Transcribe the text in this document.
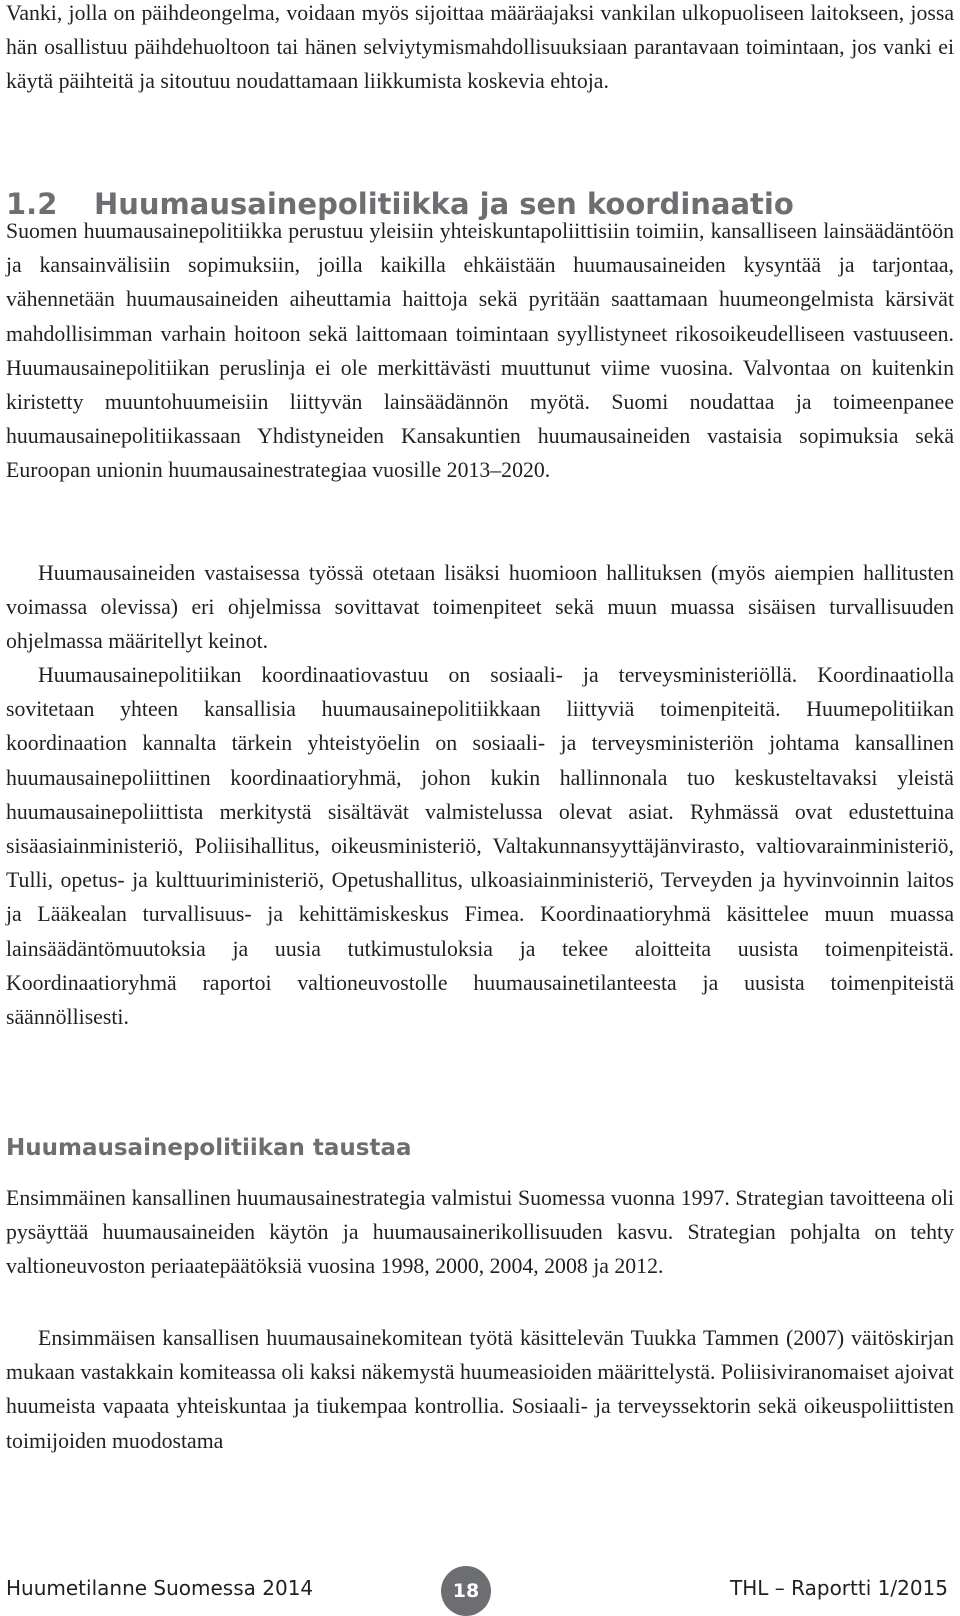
Vanki, jolla on päihdeongelma, voidaan myös sijoittaa määräajaksi vankilan ulkopuoliseen laitokseen, jossa hän osallistuu päihdehuoltoon tai hänen selviytymismahdollisuuksiaan parantavaan toimintaan, jos vanki ei käytä päihteitä ja sitoutuu noudattamaan liikkumista koskevia ehtoja.

1.2 Huumausainepolitiikka ja sen koordinaatio

Suomen huumausainepolitiikka perustuu yleisiin yhteiskuntapoliittisiin toimiin, kansalliseen lainsäädäntöön ja kansainvälisiin sopimuksiin, joilla kaikilla ehkäistään huumausaineiden kysyntää ja tarjontaa, vähennetään huumausaineiden aiheuttamia haittoja sekä pyritään saattamaan huumeongelmista kärsivät mahdollisimman varhain hoitoon sekä laittomaan toimintaan syyllistyneet rikosoikeudelliseen vastuuseen. Huumausainepolitiikan peruslinja ei ole merkittävästi muuttunut viime vuosina. Valvontaa on kuitenkin kiristetty muuntohuumeisiin liittyvän lainsäädännön myötä. Suomi noudattaa ja toimeenpanee huumausainepolitiikassaan Yhdistyneiden Kansakuntien huumausaineiden vastaisia sopimuksia sekä Euroopan unionin huumausainestrategiaa vuosille 2013–2020.

Huumausaineiden vastaisessa työssä otetaan lisäksi huomioon hallituksen (myös aiempien hallitusten voimassa olevissa) eri ohjelmissa sovittavat toimenpiteet sekä muun muassa sisäisen turvallisuuden ohjelmassa määritellyt keinot.

Huumausainepolitiikan koordinaatiovastuu on sosiaali- ja terveysministeriöllä. Koordinaatiolla sovitetaan yhteen kansallisia huumausainepolitiikkaan liittyviä toimenpiteitä. Huumepolitiikan koordinaation kannalta tärkein yhteistyöelin on sosiaali- ja terveysministeriön johtama kansallinen huumausainepoliittinen koordinaatioryhmä, johon kukin hallinnonala tuo keskusteltavaksi yleistä huumausainepoliittista merkitystä sisältävät valmistelussa olevat asiat. Ryhmässä ovat edustettuina sisäasiainministeriö, Poliisihallitus, oikeusministeriö, Valtakunnansyyttäjänvirasto, valtiovarainministeriö, Tulli, opetus- ja kulttuuriministeriö, Opetushallitus, ulkoasiainministeriö, Terveyden ja hyvinvoinnin laitos ja Lääkealan turvallisuus- ja kehittämiskeskus Fimea. Koordinaatioryhmä käsittelee muun muassa lainsäädäntömuutoksia ja uusia tutkimustuloksia ja tekee aloitteita uusista toimenpiteistä. Koordinaatioryhmä raportoi valtioneuvostolle huumausainetilanteesta ja uusista toimenpiteistä säännöllisesti.

Huumausainepolitiikan taustaa

Ensimmäinen kansallinen huumausainestrategia valmistui Suomessa vuonna 1997. Strategian tavoitteena oli pysäyttää huumausaineiden käytön ja huumausainerikollisuuden kasvu. Strategian pohjalta on tehty valtioneuvoston periaatepäätöksiä vuosina 1998, 2000, 2004, 2008 ja 2012.

Ensimmäisen kansallisen huumausainekomitean työtä käsittelevän Tuukka Tammen (2007) väitöskirjan mukaan vastakkain komiteassa oli kaksi näkemystä huumeasioiden määrittelystä. Poliisiviranomaiset ajoivat huumeista vapaata yhteiskuntaa ja tiukempaa kontrollia. Sosiaali- ja terveyssektorin sekä oikeuspoliittisten toimijoiden muodostama

Huumetilanne Suomessa 2014	18	THL – Raportti 1/2015
